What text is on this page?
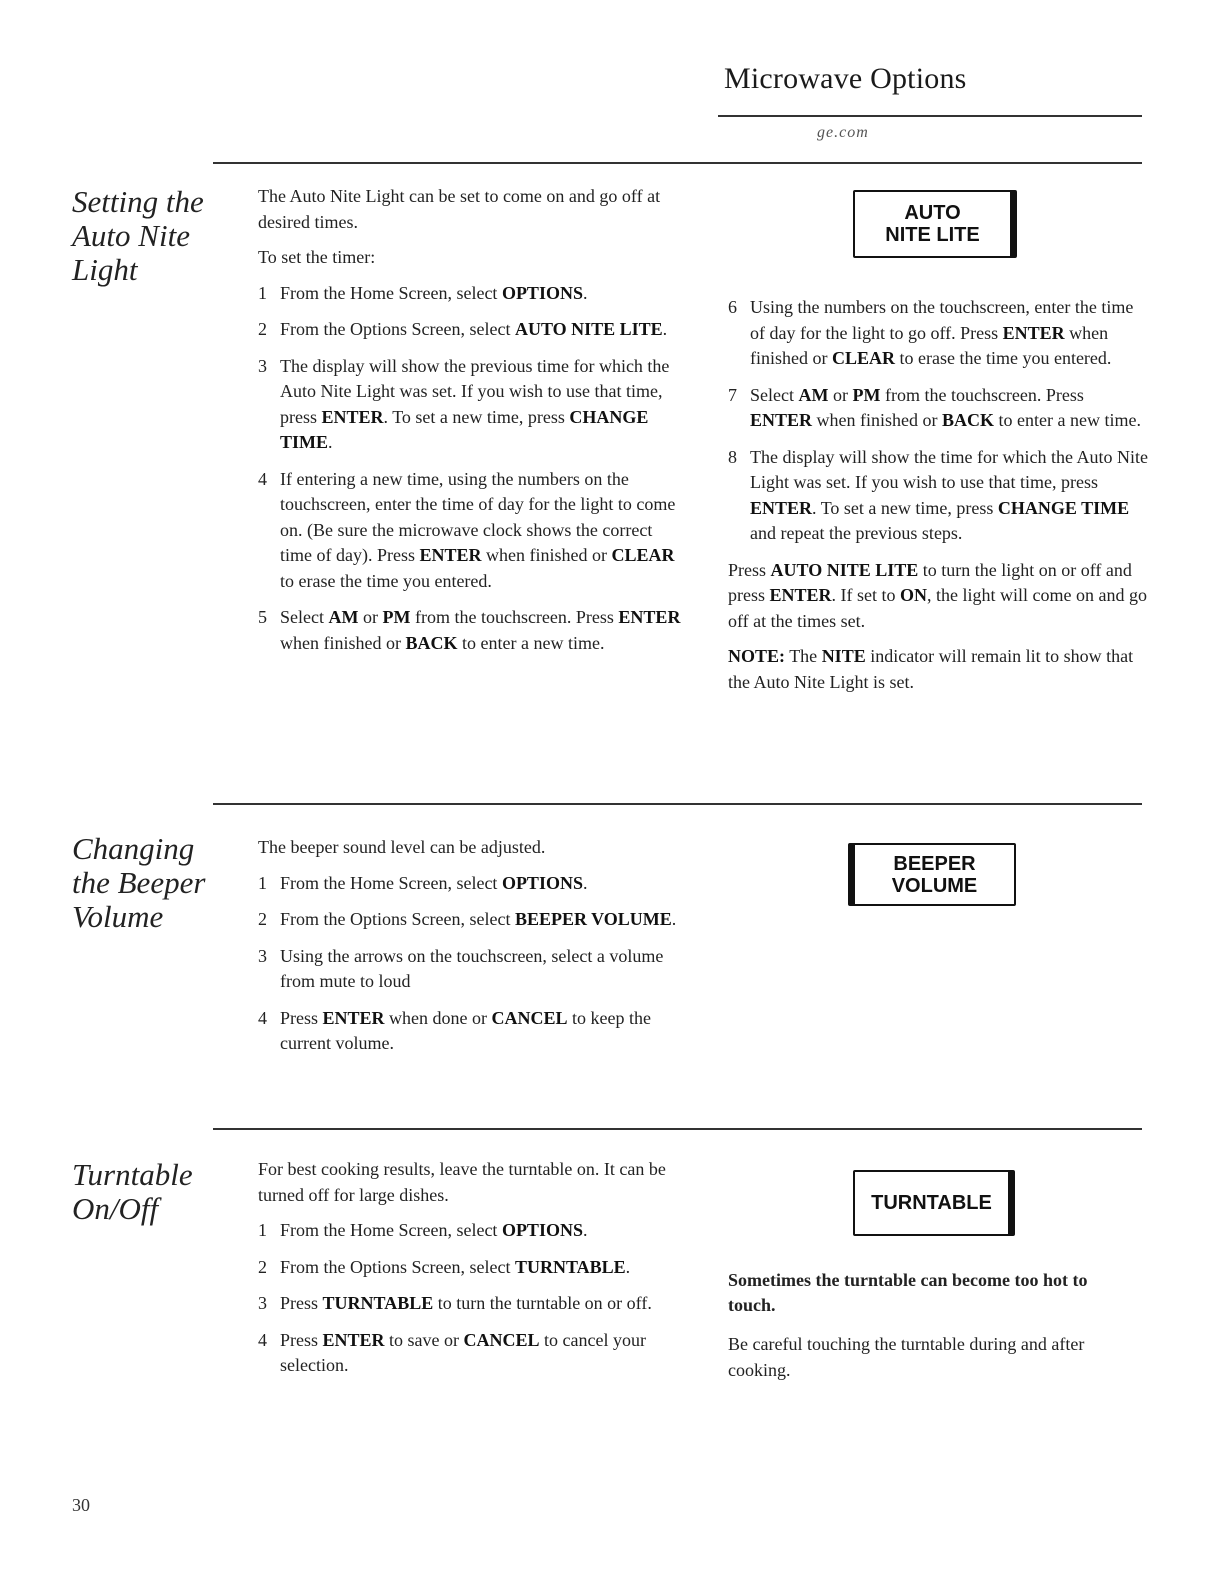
Microwave Options
ge.com
Setting the
Auto Nite
Light

The Auto Nite Light can be set to come on and go off at desired times.

To set the timer:

1 From the Home Screen, select OPTIONS.
2 From the Options Screen, select AUTO NITE LITE.
3 The display will show the previous time for which the Auto Nite Light was set. If you wish to use that time, press ENTER. To set a new time, press CHANGE TIME.
4 If entering a new time, using the numbers on the touchscreen, enter the time of day for the light to come on. (Be sure the microwave clock shows the correct time of day). Press ENTER when finished or CLEAR to erase the time you entered.
5 Select AM or PM from the touchscreen. Press ENTER when finished or BACK to enter a new time.
AUTO
NITE LITE
6 Using the numbers on the touchscreen, enter the time of day for the light to go off. Press ENTER when finished or CLEAR to erase the time you entered.
7 Select AM or PM from the touchscreen. Press ENTER when finished or BACK to enter a new time.
8 The display will show the time for which the Auto Nite Light was set. If you wish to use that time, press ENTER. To set a new time, press CHANGE TIME and repeat the previous steps.

Press AUTO NITE LITE to turn the light on or off and press ENTER. If set to ON, the light will come on and go off at the times set.

NOTE: The NITE indicator will remain lit to show that the Auto Nite Light is set.

Changing
the Beeper
Volume

The beeper sound level can be adjusted.

1 From the Home Screen, select OPTIONS.
2 From the Options Screen, select BEEPER VOLUME.
3 Using the arrows on the touchscreen, select a volume from mute to loud
4 Press ENTER when done or CANCEL to keep the current volume.
BEEPER
VOLUME
Turntable
On/Off

For best cooking results, leave the turntable on. It can be turned off for large dishes.

1 From the Home Screen, select OPTIONS.
2 From the Options Screen, select TURNTABLE.
3 Press TURNTABLE to turn the turntable on or off.
4 Press ENTER to save or CANCEL to cancel your selection.
TURNTABLE
Sometimes the turntable can become too hot to touch.

Be careful touching the turntable during and after cooking.

30
